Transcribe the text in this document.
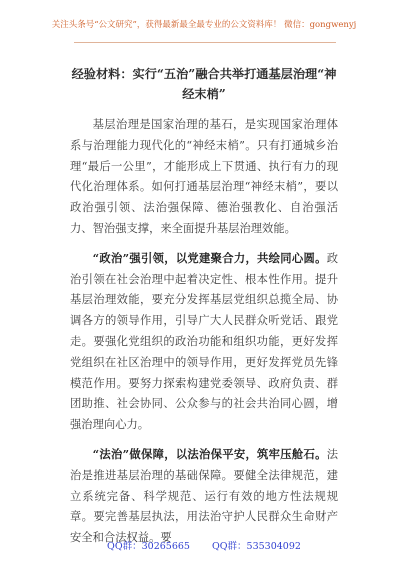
关注头条号“公文研究”，获得最新最全最专业的公文资料库！ 微信：gongwenyj
经验材料：实行“五治”融合共举打通基层治理“神经末梢”

基层治理是国家治理的基石，是实现国家治理体系与治理能力现代化的“神经末梢”。只有打通城乡治理“最后一公里”，才能形成上下贯通、执行有力的现代化治理体系。如何打通基层治理“神经末梢”，要以政治强引领、法治强保障、德治强教化、自治强活力、智治强支撑，来全面提升基层治理效能。

“政治”强引领，以党建聚合力，共绘同心圆。政治引领在社会治理中起着决定性、根本性作用。提升基层治理效能，要充分发挥基层党组织总揽全局、协调各方的领导作用，引导广大人民群众听党话、跟党走。要强化党组织的政治功能和组织功能，更好发挥党组织在社区治理中的领导作用，更好发挥党员先锋模范作用。要努力探索构建党委领导、政府负责、群团助推、社会协同、公众参与的社会共治同心圆，增强治理向心力。

“法治”做保障，以法治保平安，筑牢压舱石。法治是推进基层治理的基础保障。要健全法律规范，建立系统完备、科学规范、运行有效的地方性法规规章。要完善基层执法，用法治守护人民群众生命财产安全和合法权益。要

QQ群：30265665 QQ群：535304092
